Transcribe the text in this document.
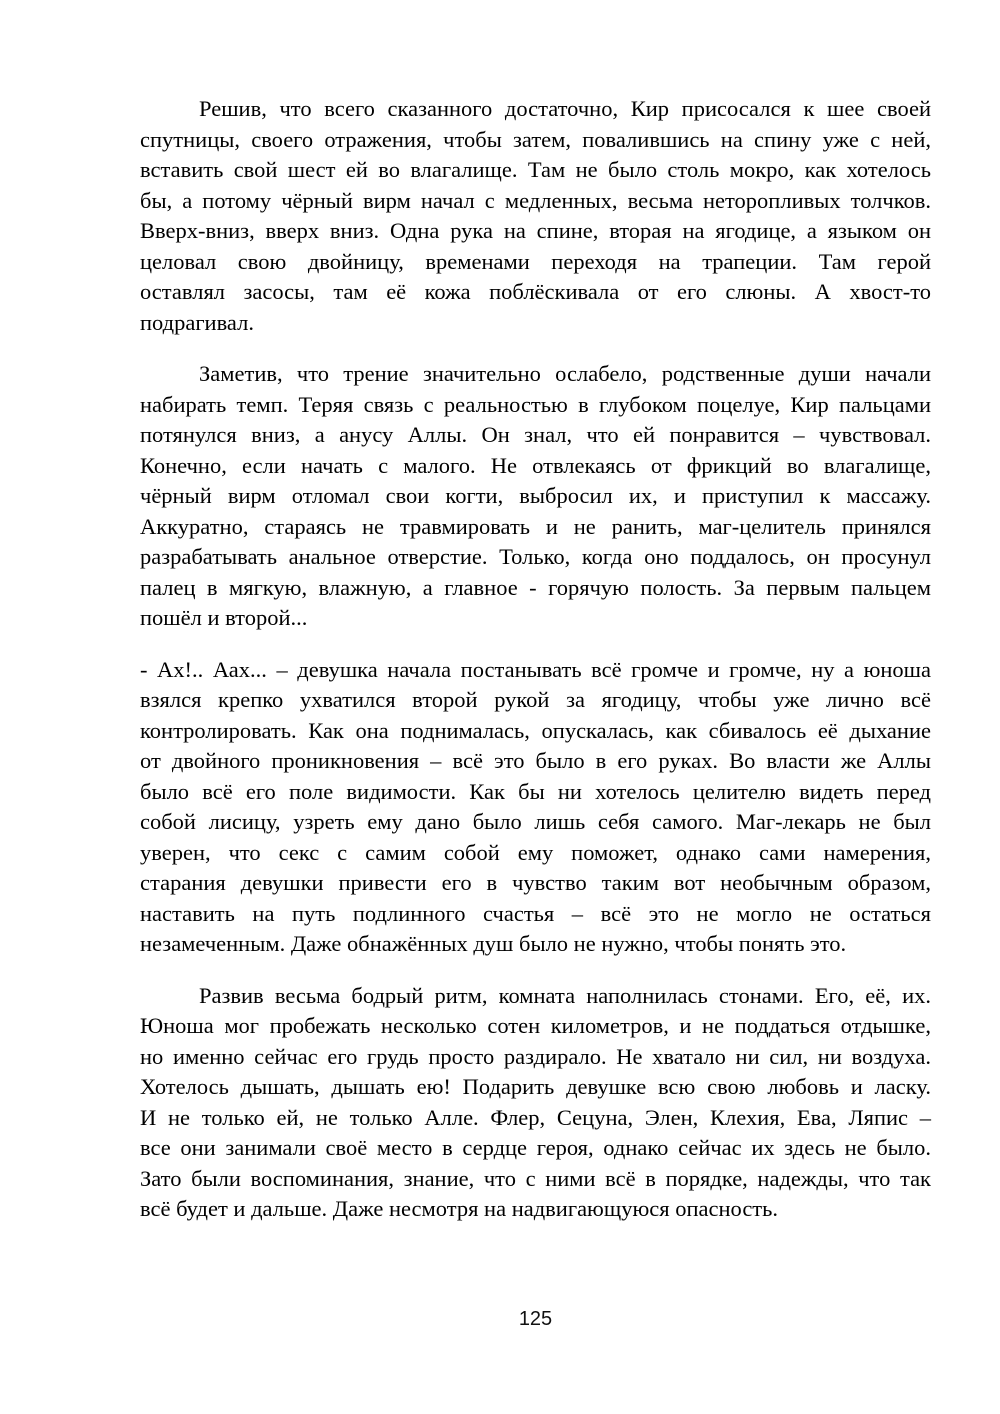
Решив, что всего сказанного достаточно, Кир присосался к шее своей
спутницы, своего отражения, чтобы затем, повалившись на спину уже с ней,
вставить свой шест ей во влагалище. Там не было столь мокро, как хотелось
бы, а потому чёрный вирм начал с медленных, весьма неторопливых толчков.
Вверх-вниз, вверх вниз. Одна рука на спине, вторая на ягодице, а языком он
целовал свою двойницу, временами переходя на трапеции. Там герой
оставлял засосы, там её кожа поблёскивала от его слюны. А хвост-то
подрагивал.
Заметив, что трение значительно ослабело, родственные души начали
набирать темп. Теряя связь с реальностью в глубоком поцелуе, Кир пальцами
потянулся вниз, а анусу Аллы. Он знал, что ей понравится – чувствовал.
Конечно, если начать с малого. Не отвлекаясь от фрикций во влагалище,
чёрный вирм отломал свои когти, выбросил их, и приступил к массажу.
Аккуратно, стараясь не травмировать и не ранить, маг-целитель принялся
разрабатывать анальное отверстие. Только, когда оно поддалось, он просунул
палец в мягкую, влажную, а главное - горячую полость. За первым пальцем
пошёл и второй...
- Ах!.. Аах... – девушка начала постанывать всё громче и громче, ну а юноша
взялся крепко ухватился второй рукой за ягодицу, чтобы уже лично всё
контролировать. Как она поднималась, опускалась, как сбивалось её дыхание
от двойного проникновения – всё это было в его руках. Во власти же Аллы
было всё его поле видимости. Как бы ни хотелось целителю видеть перед
собой лисицу, узреть ему дано было лишь себя самого. Маг-лекарь не был
уверен, что секс с самим собой ему поможет, однако сами намерения,
старания девушки привести его в чувство таким вот необычным образом,
наставить на путь подлинного счастья – всё это не могло не остаться
незамеченным. Даже обнажённых душ было не нужно, чтобы понять это.
Развив весьма бодрый ритм, комната наполнилась стонами. Его, её, их.
Юноша мог пробежать несколько сотен километров, и не поддаться отдышке,
но именно сейчас его грудь просто раздирало. Не хватало ни сил, ни воздуха.
Хотелось дышать, дышать ею! Подарить девушке всю свою любовь и ласку.
И не только ей, не только Алле. Флер, Сецуна, Элен, Клехия, Ева, Ляпис –
все они занимали своё место в сердце героя, однако сейчас их здесь не было.
Зато были воспоминания, знание, что с ними всё в порядке, надежды, что так
всё будет и дальше. Даже несмотря на надвигающуюся опасность.
125
